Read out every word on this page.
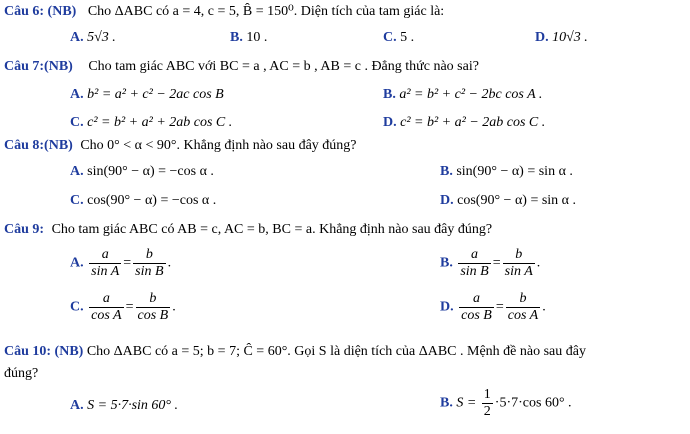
Câu 6: (NB) Cho ΔABC có a = 4, c = 5, B̂ = 150⁰. Diện tích của tam giác là:
A. 5√3 .	B. 10 .	C. 5 .	D. 10√3 .
Câu 7:(NB) Cho tam giác ABC với BC = a , AC = b , AB = c . Đẳng thức nào sai?
A. b² = a² + c² − 2ac cos B	B. a² = b² + c² − 2bc cos A .
C. c² = b² + a² + 2ab cos C .	D. c² = b² + a² − 2ab cos C .
Câu 8:(NB) Cho 0° < α < 90°. Khẳng định nào sau đây đúng?
A. sin(90° − α) = −cos α .	B. sin(90° − α) = sin α .
C. cos(90° − α) = −cos α .	D. cos(90° − α) = sin α .
Câu 9: Cho tam giác ABC có AB = c, AC = b, BC = a. Khẳng định nào sau đây đúng?
A. $\frac{a}{\text{sin A}} = \frac{b}{\text{sin B}}$ .	B. $\frac{a}{\text{sin B}} = \frac{b}{\text{sin A}}$ .
C. $\frac{a}{\text{cos A}} = \frac{b}{\text{cos B}}$ .	D. $\frac{a}{\text{cos B}} = \frac{b}{\text{cos A}}$ .
Câu 10: (NB) Cho ΔABC có a = 5; b = 7; Ĉ = 60°. Gọi S là diện tích của ΔABC . Mệnh đề nào sau đây
đúng?
A. S = 5·7·sin 60° .	B. $S = \frac{1}{2} \cdot 5\cdot 7\cdot\cos$ 60° .
